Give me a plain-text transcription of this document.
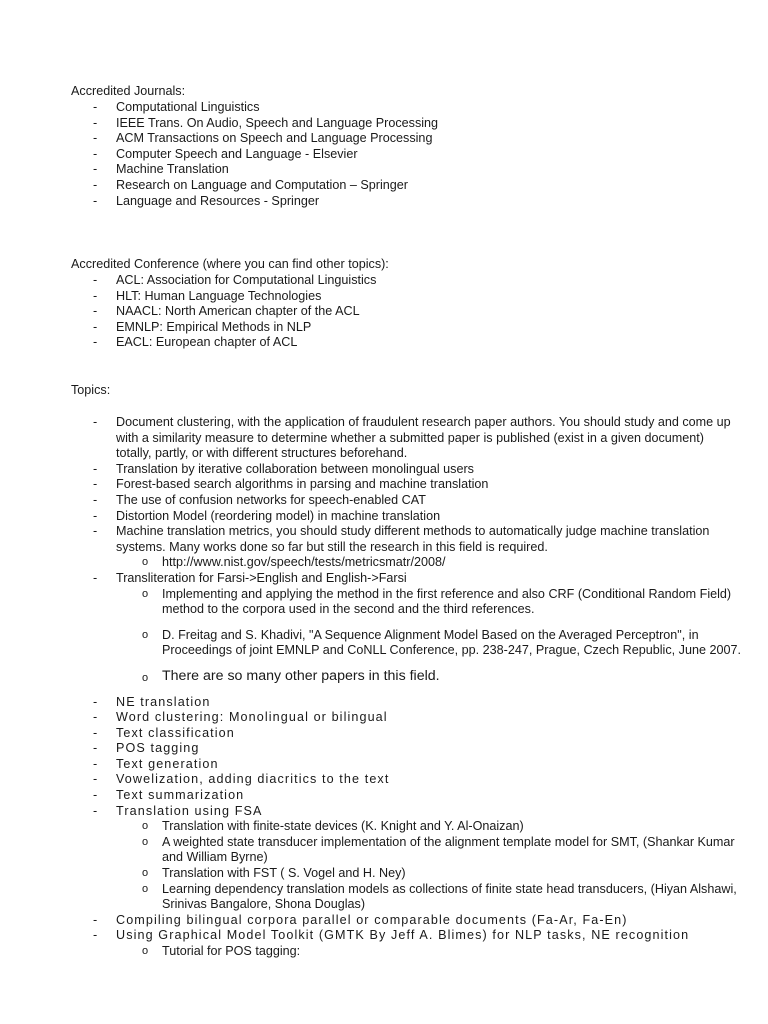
Accredited Journals:
- Computational Linguistics
- IEEE Trans. On Audio, Speech and Language Processing
- ACM Transactions on Speech and Language Processing
- Computer Speech and Language - Elsevier
- Machine Translation
- Research on Language and Computation – Springer
- Language and Resources - Springer
Accredited Conference (where you can find other topics):
- ACL: Association for Computational Linguistics
- HLT: Human Language Technologies
- NAACL: North American chapter of the ACL
- EMNLP: Empirical Methods in NLP
- EACL: European chapter of ACL
Topics:
- Document clustering, with the application of fraudulent research paper authors. You should study and come up with a similarity measure to determine whether a submitted paper is published (exist in a given document) totally, partly, or with different structures beforehand.
- Translation by iterative collaboration between monolingual users
- Forest-based search algorithms in parsing and machine translation
- The use of confusion networks for speech-enabled CAT
- Distortion Model (reordering model) in machine translation
- Machine translation metrics, you should study different methods to automatically judge machine translation systems. Many works done so far but still the research in this field is required.
o http://www.nist.gov/speech/tests/metricsmatr/2008/
- Transliteration for Farsi->English and English->Farsi
o Implementing and applying the method in the first reference and also CRF (Conditional Random Field) method to the corpora used in the second and the third references.
o D. Freitag and S. Khadivi, "A Sequence Alignment Model Based on the Averaged Perceptron", in Proceedings of joint EMNLP and CoNLL Conference, pp. 238-247, Prague, Czech Republic, June 2007.
o There are so many other papers in this field.
- NE translation
- Word clustering: Monolingual or bilingual
- Text classification
- POS tagging
- Text generation
- Vowelization, adding diacritics to the text
- Text summarization
- Translation using FSA
o Translation with finite-state devices (K. Knight and Y. Al-Onaizan)
o A weighted state transducer implementation of the alignment template model for SMT, (Shankar Kumar and William Byrne)
o Translation with FST ( S. Vogel and H. Ney)
o Learning dependency translation models as collections of finite state head transducers, (Hiyan Alshawi, Srinivas Bangalore, Shona Douglas)
- Compiling bilingual corpora parallel or comparable documents (Fa-Ar, Fa-En)
- Using Graphical Model Toolkit (GMTK By Jeff A. Blimes) for NLP tasks, NE recognition
o Tutorial for POS tagging:
